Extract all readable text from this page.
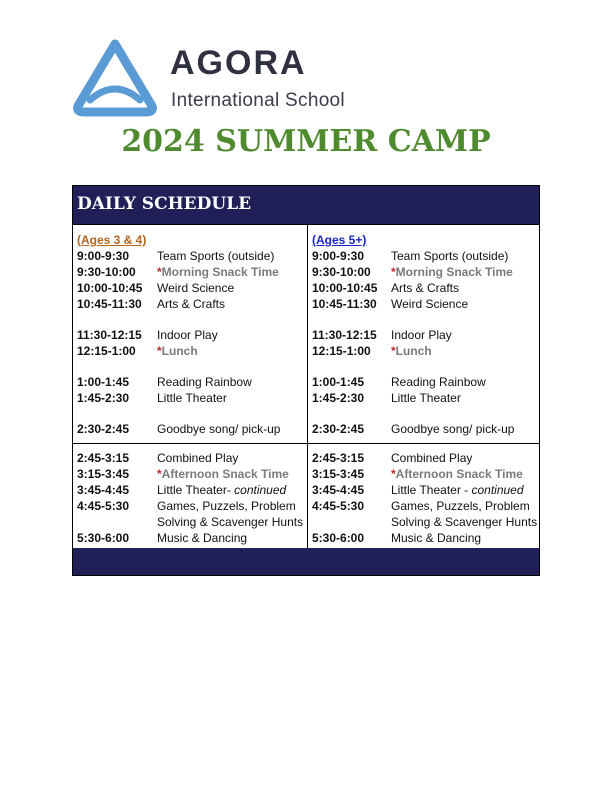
AGORA
International School
2024 SUMMER CAMP
DAILY SCHEDULE
(Ages 3 & 4)
9:00-9:30 Team Sports (outside)
9:30-10:00 *Morning Snack Time
10:00-10:45 Weird Science
10:45-11:30 Arts & Crafts
11:30-12:15 Indoor Play
12:15-1:00 *Lunch
1:00-1:45 Reading Rainbow
1:45-2:30 Little Theater
2:30-2:45 Goodbye song/ pick-up
(Ages 5+)
9:00-9:30 Team Sports (outside)
9:30-10:00 *Morning Snack Time
10:00-10:45 Arts & Crafts
10:45-11:30 Weird Science
11:30-12:15 Indoor Play
12:15-1:00 *Lunch
1:00-1:45 Reading Rainbow
1:45-2:30 Little Theater
2:30-2:45 Goodbye song/ pick-up
2:45-3:15 Combined Play
3:15-3:45 *Afternoon Snack Time
3:45-4:45 Little Theater- continued
4:45-5:30 Games, Puzzels, Problem
Solving & Scavenger Hunts
5:30-6:00 Music & Dancing
2:45-3:15 Combined Play
3:15-3:45 *Afternoon Snack Time
3:45-4:45 Little Theater - continued
4:45-5:30 Games, Puzzels, Problem
Solving & Scavenger Hunts
5:30-6:00 Music & Dancing
